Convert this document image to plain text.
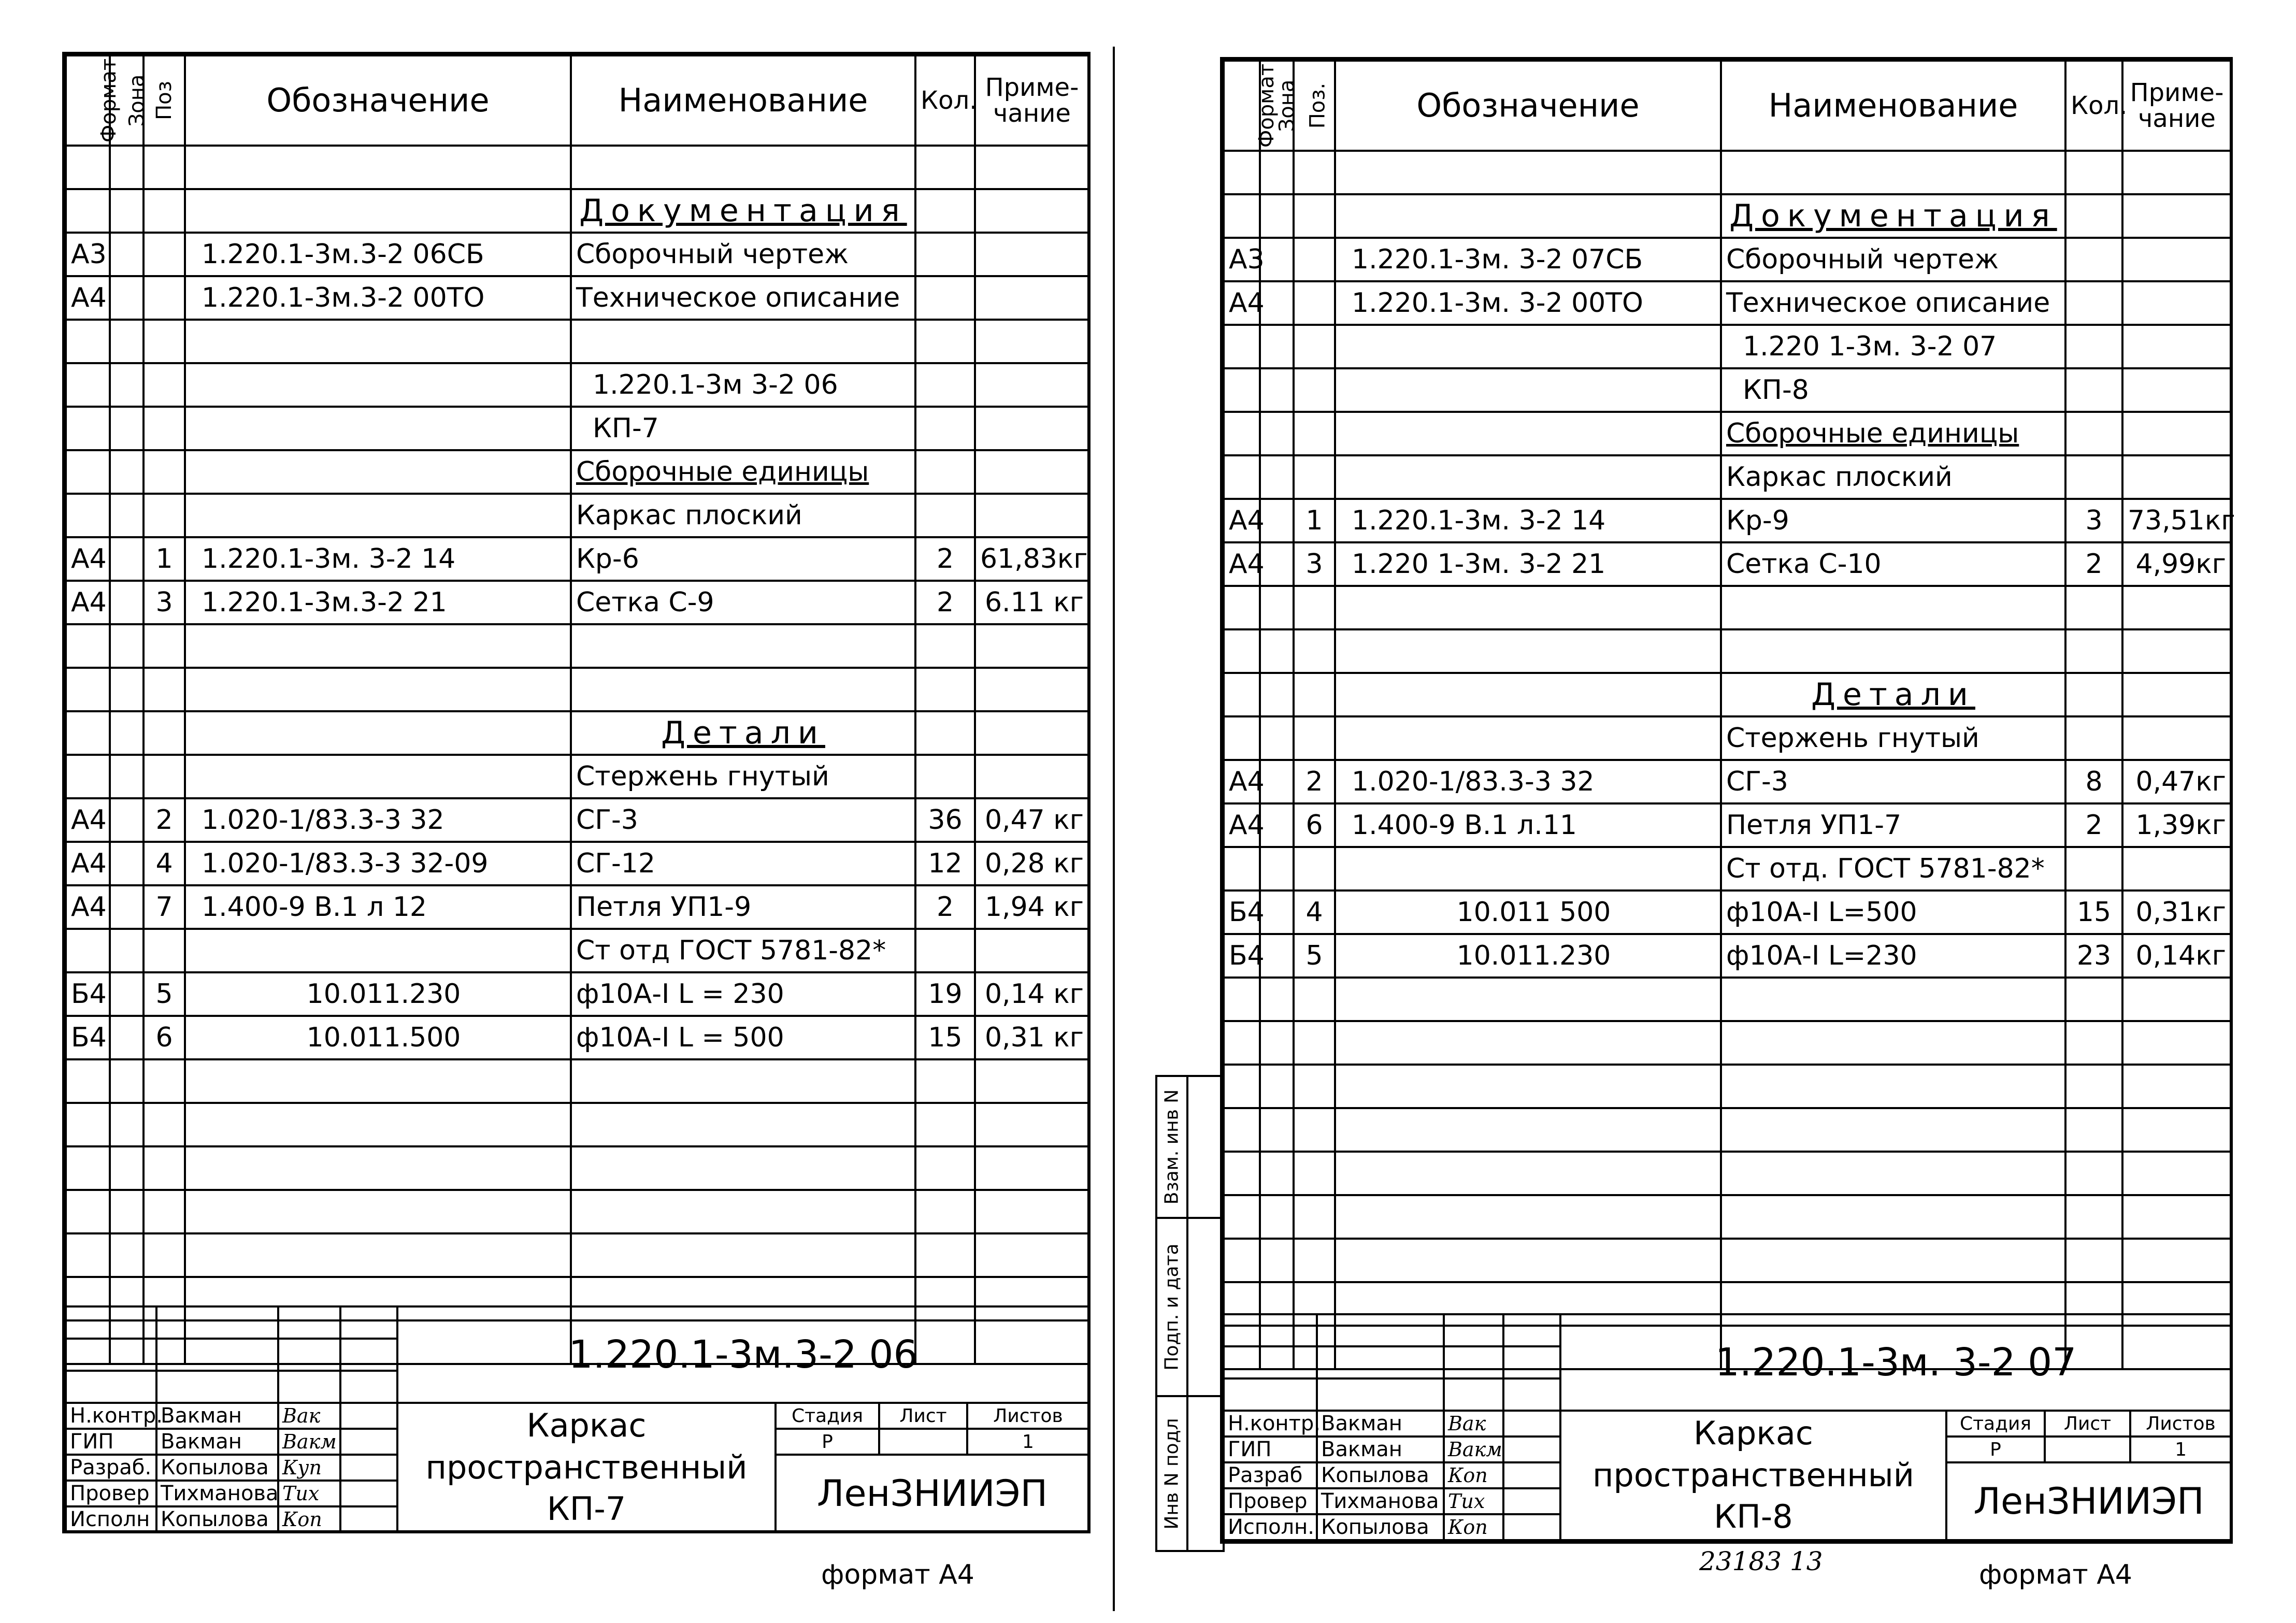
Формат	Зона	Поз	Обозначение	Наименование	Кол.	Приме-чание

				Документация		
А3			1.220.1-3м.3-2 06СБ	Сборочный чертеж		
А4			1.220.1-3м.3-2 00ТО	Техническое описание		

				1.220.1-3м 3-2 06		
				КП-7		
				Сборочные единицы		
				Каркас плоский		
А4		1	1.220.1-3м. 3-2 14	Кр-6	2	61,83кг
А4		3	1.220.1-3м.3-2 21	Сетка С-9	2	6.11 кг

				Детали		
				Стержень гнутый		
А4		2	1.020-1/83.3-3 32	СГ-3	36	0,47 кг
А4		4	1.020-1/83.3-3 32-09	СГ-12	12	0,28 кг
А4		7	1.400-9 В.1 л 12	Петля УП1-9	2	1,94 кг
				Ст отд ГОСТ 5781-82*		
Б4		5	10.011.230	ф10А-I L = 230	19	0,14 кг
Б4		6	10.011.500	ф10А-I L = 500	15	0,31 кг

				1.220.1-3м.3-2 06			

Н.контр.	Вакман	Вак		Каркас пространственный КП-7	Стадия	Лист	Листов
ГИП	Вакман	Вакм			Р		1
Разраб.	Копылова	Куп			ЛенЗНИИЭП		
Провер	Тихманова	Тих					
Исполн	Копылова	Коп					
формат А4
Формат	Зона	Поз.	Обозначение	Наименование	Кол.	Приме-чание

				Документация		
А3			1.220.1-3м. 3-2 07СБ	Сборочный чертеж		
А4			1.220.1-3м. 3-2 00ТО	Техническое описание		
				1.220 1-3м. 3-2 07		
				КП-8		
				Сборочные единицы		
				Каркас плоский		
А4		1	1.220.1-3м. 3-2 14	Кр-9	3	73,51кг
А4		3	1.220 1-3м. 3-2 21	Сетка С-10	2	4,99кг

				Детали		
				Стержень гнутый		
А4		2	1.020-1/83.3-3 32	СГ-3	8	0,47кг
А4		6	1.400-9 В.1 л.11	Петля УП1-7	2	1,39кг
				Ст отд. ГОСТ 5781-82*		
Б4		4	10.011 500	ф10А-I L=500	15	0,31кг
Б4		5	10.011.230	ф10А-I L=230	23	0,14кг

Взам. инв N	

Подп. и дата	

Инв N подл	

				1.220.1-3м. 3-2 07			

Н.контр.	Вакман	Вак		Каркас пространственный КП-8	Стадия	Лист	Листов
ГИП	Вакман	Вакм			Р		1
Разраб	Копылова	Коп			ЛенЗНИИЭП		
Провер	Тихманова	Тих					
Исполн.	Копылова	Коп					
23183 13	формат А4
